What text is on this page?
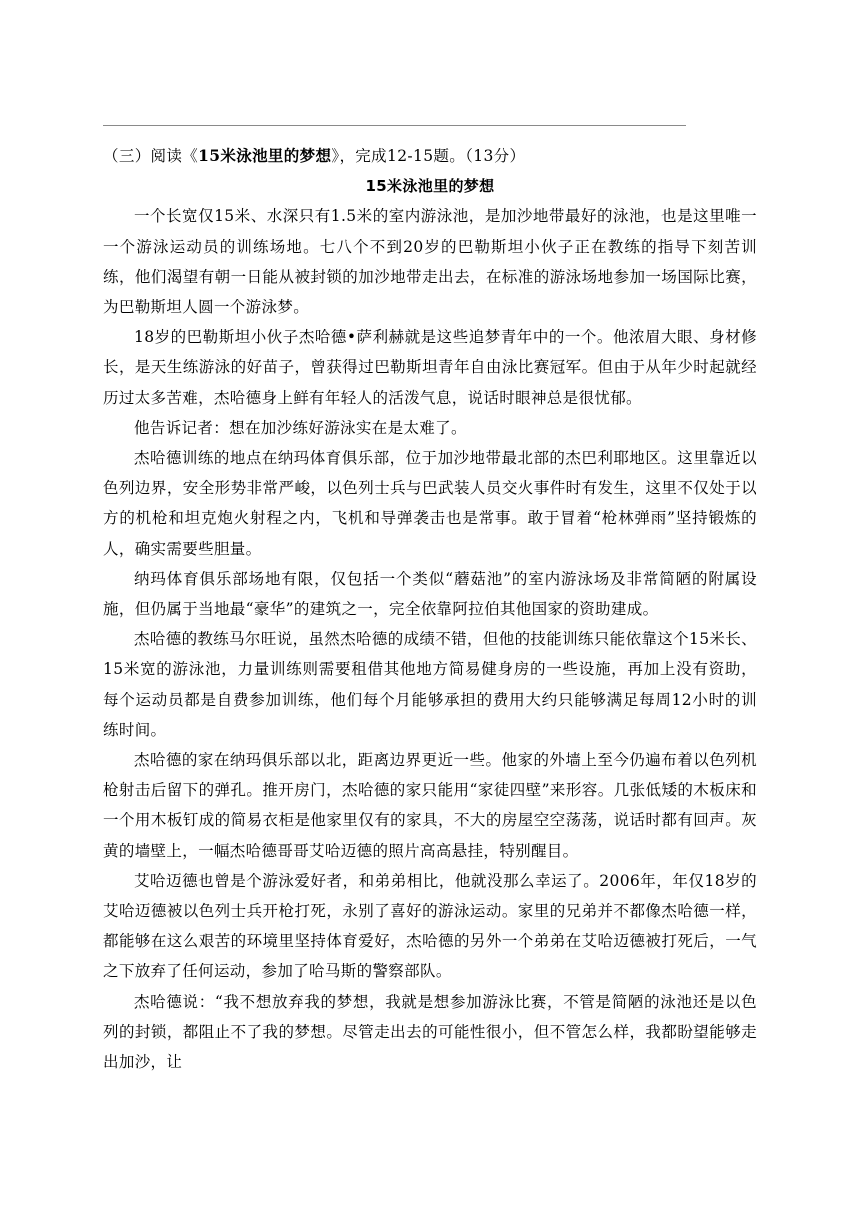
（三）阅读《15米泳池里的梦想》，完成12-15题。（13分）

15米泳池里的梦想

一个长宽仅15米、水深只有1.5米的室内游泳池，是加沙地带最好的泳池，也是这里唯一一个游泳运动员的训练场地。七八个不到20岁的巴勒斯坦小伙子正在教练的指导下刻苦训练，他们渴望有朝一日能从被封锁的加沙地带走出去，在标准的游泳场地参加一场国际比赛，为巴勒斯坦人圆一个游泳梦。

18岁的巴勒斯坦小伙子杰哈德•萨利赫就是这些追梦青年中的一个。他浓眉大眼、身材修长，是天生练游泳的好苗子，曾获得过巴勒斯坦青年自由泳比赛冠军。但由于从年少时起就经历过太多苦难，杰哈德身上鲜有年轻人的活泼气息，说话时眼神总是很忧郁。

他告诉记者：想在加沙练好游泳实在是太难了。

杰哈德训练的地点在纳玛体育俱乐部，位于加沙地带最北部的杰巴利耶地区。这里靠近以色列边界，安全形势非常严峻，以色列士兵与巴武装人员交火事件时有发生，这里不仅处于以方的机枪和坦克炮火射程之内，飞机和导弹袭击也是常事。敢于冒着“枪林弹雨”坚持锻炼的人，确实需要些胆量。

纳玛体育俱乐部场地有限，仅包括一个类似“蘑菇池”的室内游泳场及非常简陋的附属设施，但仍属于当地最“豪华”的建筑之一，完全依靠阿拉伯其他国家的资助建成。

杰哈德的教练马尔旺说，虽然杰哈德的成绩不错，但他的技能训练只能依靠这个15米长、15米宽的游泳池，力量训练则需要租借其他地方简易健身房的一些设施，再加上没有资助，每个运动员都是自费参加训练，他们每个月能够承担的费用大约只能够满足每周12小时的训练时间。

杰哈德的家在纳玛俱乐部以北，距离边界更近一些。他家的外墙上至今仍遍布着以色列机枪射击后留下的弹孔。推开房门，杰哈德的家只能用“家徒四壁”来形容。几张低矮的木板床和一个用木板钉成的简易衣柜是他家里仅有的家具，不大的房屋空空荡荡，说话时都有回声。灰黄的墙壁上，一幅杰哈德哥哥艾哈迈德的照片高高悬挂，特别醒目。

艾哈迈德也曾是个游泳爱好者，和弟弟相比，他就没那么幸运了。2006年，年仅18岁的艾哈迈德被以色列士兵开枪打死，永别了喜好的游泳运动。家里的兄弟并不都像杰哈德一样，都能够在这么艰苦的环境里坚持体育爱好，杰哈德的另外一个弟弟在艾哈迈德被打死后，一气之下放弃了任何运动，参加了哈马斯的警察部队。

杰哈德说：“我不想放弃我的梦想，我就是想参加游泳比赛，不管是简陋的泳池还是以色列的封锁，都阻止不了我的梦想。尽管走出去的可能性很小，但不管怎么样，我都盼望能够走出加沙，让
